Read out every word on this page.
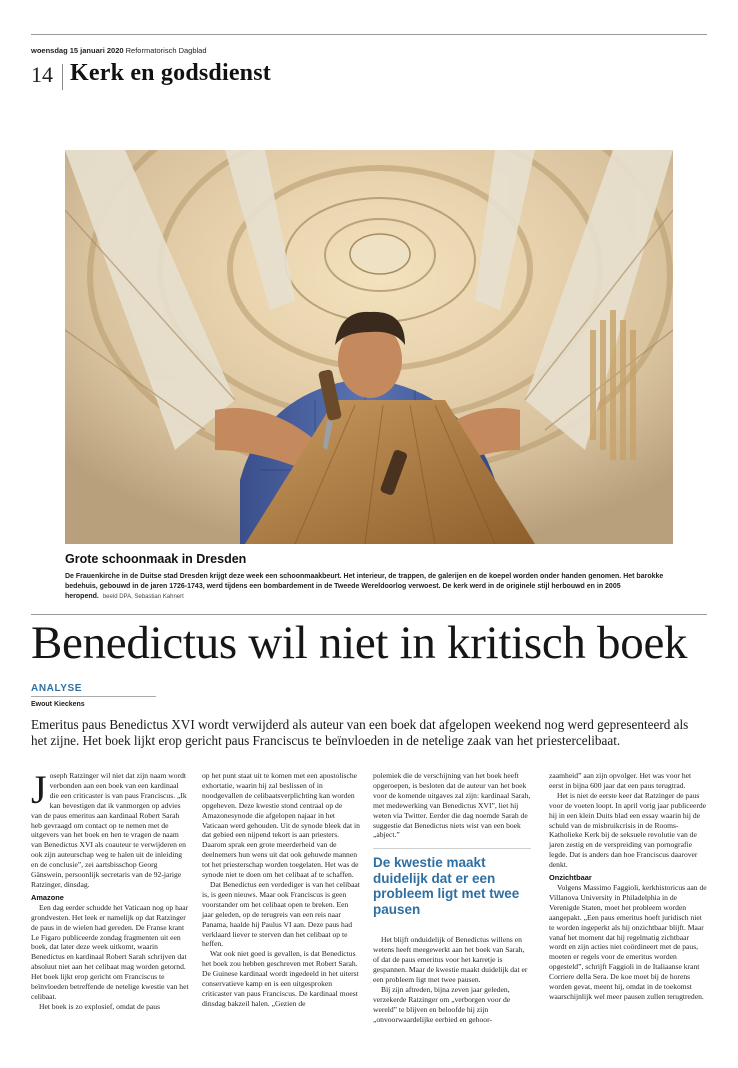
woensdag 15 januari 2020 Reformatorisch Dagblad
14 Kerk en godsdienst
Grote schoonmaak in Dresden
De Frauenkirche in de Duitse stad Dresden krijgt deze week een schoonmaakbeurt. Het interieur, de trappen, de galerijen en de koepel worden onder handen genomen. Het barokke bedehuis, gebouwd in de jaren 1726-1743, werd tijdens een bombardement in de Tweede Wereldoorlog verwoest. De kerk werd in de originele stijl herbouwd en in 2005 heropend. beeld DPA, Sebastian Kahnert
Benedictus wil niet in kritisch boek
ANALYSE
Ewout Kieckens
Emeritus paus Benedictus XVI wordt verwijderd als auteur van een boek dat afgelopen weekend nog werd gepresenteerd als het zijne. Het boek lijkt erop gericht paus Franciscus te beïnvloeden in de netelige zaak van het priestercelibaat.

Joseph Ratzinger wil niet dat zijn naam wordt verbonden aan een boek van een kardinaal die een criticaster is van paus Franciscus. „Ik kan bevestigen dat ik vanmorgen op advies van de paus emeritus aan kardinaal Robert Sarah heb gevraagd om contact op te nemen met de uitgevers van het boek en hen te vragen de naam van Benedictus XVI als coauteur te verwijderen en ook zijn auteurschap weg te halen uit de inleiding en de conclusie”, zei aartsbisschop Georg Gänswein, persoonlijk secretaris van de 92-jarige Ratzinger, dinsdag.

Amazone

Een dag eerder schudde het Vaticaan nog op haar grondvesten. Het leek er namelijk op dat Ratzinger de paus in de wielen had gereden. De Franse krant Le Figaro publiceerde zondag fragmenten uit een boek, dat later deze week uitkomt, waarin Benedictus en kardinaal Robert Sarah schrijven dat absoluut niet aan het celibaat mag worden getornd. Het boek lijkt erop gericht om Franciscus te beïnvloeden betreffende de netelige kwestie van het celibaat.

Het boek is zo explosief, omdat de paus

op het punt staat uit te komen met een apostolische exhortatie, waarin hij zal beslissen of in noodgevallen de celibaatsverplichting kan worden opgeheven. Deze kwestie stond centraal op de Amazonesynode die afgelopen najaar in het Vaticaan werd gehouden. Uit de synode bleek dat in dat gebied een nijpend tekort is aan priesters. Daarom sprak een grote meerderheid van de deelnemers hun wens uit dat ook gehuwde mannen tot het priesterschap worden toegelaten. Het was de synode niet te doen om het celibaat af te schaffen.

Dat Benedictus een verdediger is van het celibaat is, is geen nieuws. Maar ook Franciscus is geen voorstander om het celibaat open te breken. Een jaar geleden, op de terugreis van een reis naar Panama, haalde hij Paulus VI aan. Deze paus had verklaard liever te sterven dan het celibaat op te heffen.

Wat ook niet goed is gevallen, is dat Benedictus het boek zou hebben geschreven met Robert Sarah. De Guinese kardinaal wordt ingedeeld in het uiterst conservatieve kamp en is een uitgesproken criticaster van paus Franciscus. De kardinaal moest dinsdag bakzeil halen. „Gezien de

polemiek die de verschijning van het boek heeft opgeroepen, is besloten dat de auteur van het boek voor de komende uitgaves zal zijn: kardinaal Sarah, met medewerking van Benedictus XVI”, liet hij weten via Twitter. Eerder die dag noemde Sarah de suggestie dat Benedictus niets wist van een boek „abject.”

De kwestie maakt duidelijk dat er een probleem ligt met twee pausen

Het blijft onduidelijk of Benedictus willens en wetens heeft meegewerkt aan het boek van Sarah, of dat de paus emeritus voor het karretje is gespannen. Maar de kwestie maakt duidelijk dat er een probleem ligt met twee pausen.

Bij zijn aftreden, bijna zeven jaar geleden, verzekerde Ratzinger om „verborgen voor de wereld” te blijven en beloofde hij zijn „onvoorwaardelijke eerbied en gehoor-

zaamheid” aan zijn opvolger. Het was voor het eerst in bijna 600 jaar dat een paus terugtrad.

Het is niet de eerste keer dat Ratzinger de paus voor de voeten loopt. In april vorig jaar publiceerde hij in een klein Duits blad een essay waarin hij de schuld van de misbruikcrisis in de Rooms-Katholieke Kerk bij de seksuele revolutie van de jaren zestig en de verspreiding van pornografie legde. Dat is anders dan hoe Franciscus daarover denkt.

Onzichtbaar

Volgens Massimo Faggioli, kerkhistoricus aan de Villanova University in Philadelphia in de Verenigde Staten, moet het probleem worden aangepakt. „Een paus emeritus hoeft juridisch niet te worden ingeperkt als hij onzichtbaar blijft. Maar vanaf het moment dat hij regelmatig zichtbaar wordt en zijn acties niet coördineert met de paus, moeten er regels voor de emeritus worden opgesteld”, schrijft Faggioli in de Italiaanse krant Corriere della Sera. De koe moet bij de horens worden gevat, meent hij, omdat in de toekomst waarschijnlijk wel meer pausen zullen terugtreden.
